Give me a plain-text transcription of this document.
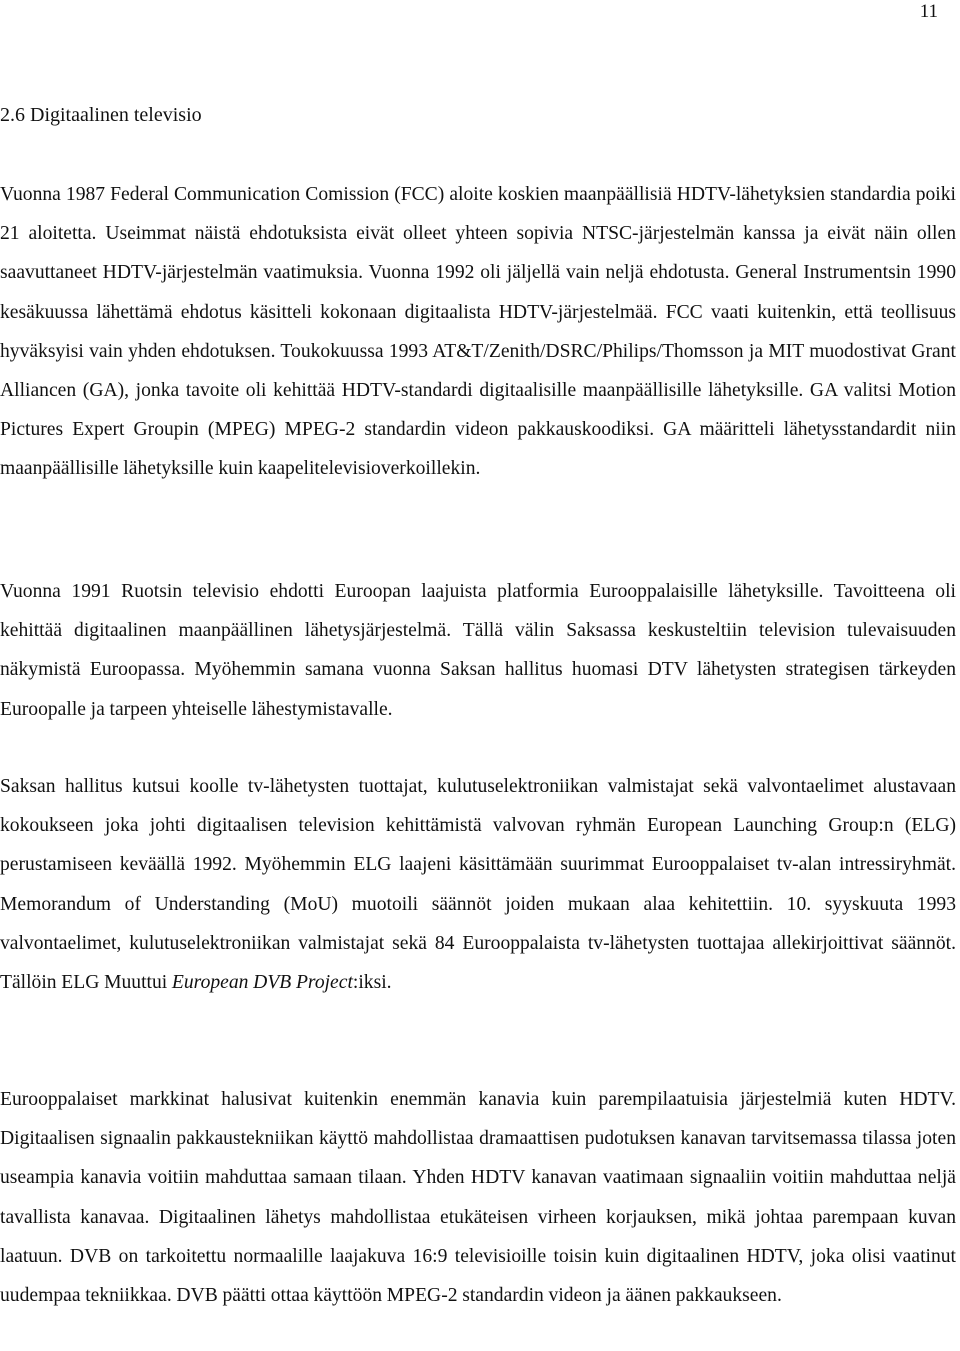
11
2.6 Digitaalinen televisio

Vuonna 1987 Federal Communication Comission (FCC) aloite koskien maanpäällisiä HDTV-lähetyksien standardia poiki 21 aloitetta. Useimmat näistä ehdotuksista eivät olleet yhteen sopivia NTSC-järjestelmän kanssa ja eivät näin ollen saavuttaneet HDTV-järjestelmän vaatimuksia. Vuonna 1992 oli jäljellä vain neljä ehdotusta. General Instrumentsin 1990 kesäkuussa lähettämä ehdotus käsitteli kokonaan digitaalista HDTV-järjestelmää. FCC vaati kuitenkin, että teollisuus hyväksyisi vain yhden ehdotuksen. Toukokuussa 1993 AT&T/Zenith/DSRC/Philips/Thomsson ja MIT muodostivat Grant Alliancen (GA), jonka tavoite oli kehittää HDTV-standardi digitaalisille maanpäällisille lähetyksille. GA valitsi Motion Pictures Expert Groupin (MPEG) MPEG-2 standardin videon pakkauskoodiksi. GA määritteli lähetysstandardit niin maanpäällisille lähetyksille kuin kaapelitelevisioverkoillekin.

Vuonna 1991 Ruotsin televisio ehdotti Euroopan laajuista platformia Eurooppalaisille lähetyksille. Tavoitteena oli kehittää digitaalinen maanpäällinen lähetysjärjestelmä. Tällä välin Saksassa keskusteltiin television tulevaisuuden näkymistä Euroopassa. Myöhemmin samana vuonna Saksan hallitus huomasi DTV lähetysten strategisen tärkeyden Euroopalle ja tarpeen yhteiselle lähestymistavalle.

Saksan hallitus kutsui koolle tv-lähetysten tuottajat, kulutuselektroniikan valmistajat sekä valvontaelimet alustavaan kokoukseen joka johti digitaalisen television kehittämistä valvovan ryhmän European Launching Group:n (ELG) perustamiseen keväällä 1992. Myöhemmin ELG laajeni käsittämään suurimmat Eurooppalaiset tv-alan intressiryhmät. Memorandum of Understanding (MoU) muotoili säännöt joiden mukaan alaa kehitettiin. 10. syyskuuta 1993 valvontaelimet, kulutuselektroniikan valmistajat sekä 84 Eurooppalaista tv-lähetysten tuottajaa allekirjoittivat säännöt. Tällöin ELG Muuttui European DVB Project:iksi.

Eurooppalaiset markkinat halusivat kuitenkin enemmän kanavia kuin parempilaatuisia järjestelmiä kuten HDTV. Digitaalisen signaalin pakkaustekniikan käyttö mahdollistaa dramaattisen pudotuksen kanavan tarvitsemassa tilassa joten useampia kanavia voitiin mahduttaa samaan tilaan. Yhden HDTV kanavan vaatimaan signaaliin voitiin mahduttaa neljä tavallista kanavaa. Digitaalinen lähetys mahdollistaa etukäteisen virheen korjauksen, mikä johtaa parempaan kuvan laatuun. DVB on tarkoitettu normaalille laajakuva 16:9 televisioille toisin kuin digitaalinen HDTV, joka olisi vaatinut uudempaa tekniikkaa. DVB päätti ottaa käyttöön MPEG-2 standardin videon ja äänen pakkaukseen.
